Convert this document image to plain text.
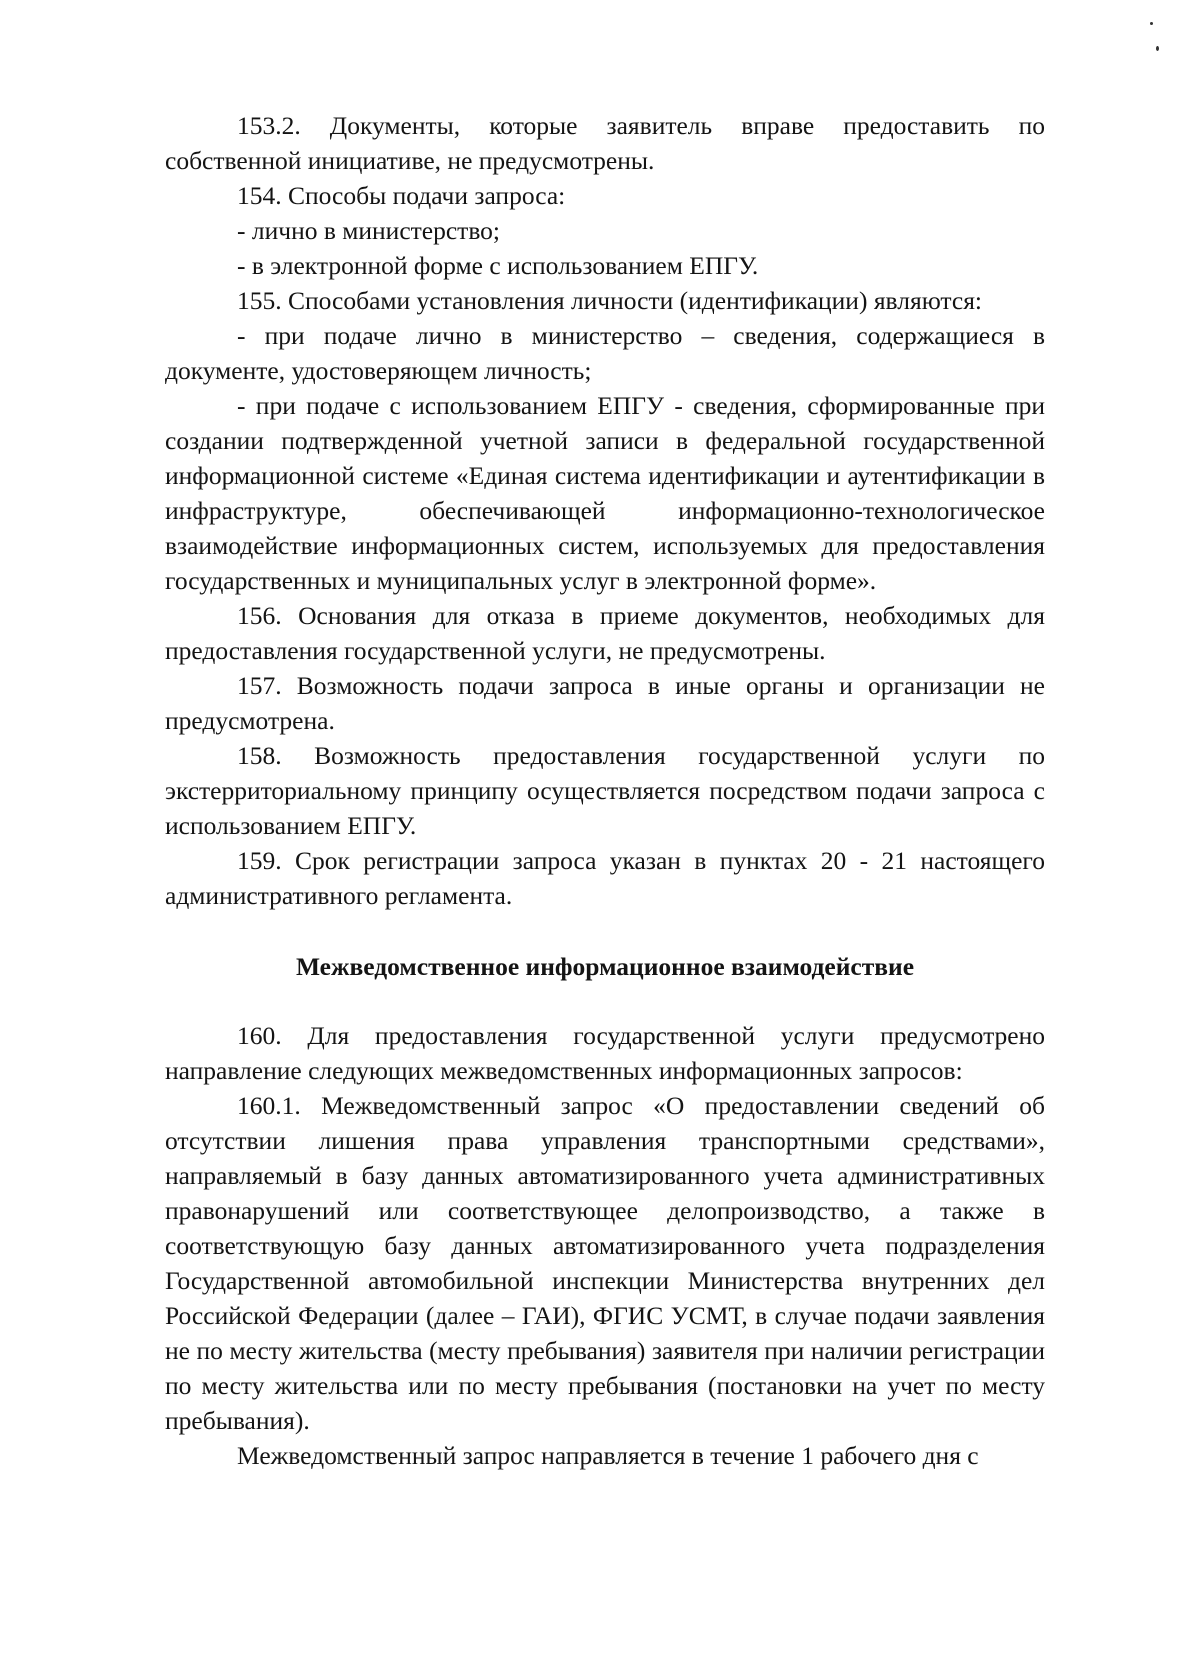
153.2. Документы, которые заявитель вправе предоставить по собственной инициативе, не предусмотрены.

154. Способы подачи запроса:

- лично в министерство;

- в электронной форме с использованием ЕПГУ.

155. Способами установления личности (идентификации) являются:

- при подаче лично в министерство – сведения, содержащиеся в документе, удостоверяющем личность;

- при подаче с использованием ЕПГУ - сведения, сформированные при создании подтвержденной учетной записи в федеральной государственной информационной системе «Единая система идентификации и аутентификации в инфраструктуре, обеспечивающей информационно-технологическое взаимодействие информационных систем, используемых для предоставления государственных и муниципальных услуг в электронной форме».

156. Основания для отказа в приеме документов, необходимых для предоставления государственной услуги, не предусмотрены.

157. Возможность подачи запроса в иные органы и организации не предусмотрена.

158. Возможность предоставления государственной услуги по экстерриториальному принципу осуществляется посредством подачи запроса с использованием ЕПГУ.

159. Срок регистрации запроса указан в пунктах 20 - 21 настоящего административного регламента.

Межведомственное информационное взаимодействие

160. Для предоставления государственной услуги предусмотрено направление следующих межведомственных информационных запросов:

160.1. Межведомственный запрос «О предоставлении сведений об отсутствии лишения права управления транспортными средствами», направляемый в базу данных автоматизированного учета административных правонарушений или соответствующее делопроизводство, а также в соответствующую базу данных автоматизированного учета подразделения Государственной автомобильной инспекции Министерства внутренних дел Российской Федерации (далее – ГАИ), ФГИС УСМТ, в случае подачи заявления не по месту жительства (месту пребывания) заявителя при наличии регистрации по месту жительства или по месту пребывания (постановки на учет по месту пребывания).

Межведомственный запрос направляется в течение 1 рабочего дня с
